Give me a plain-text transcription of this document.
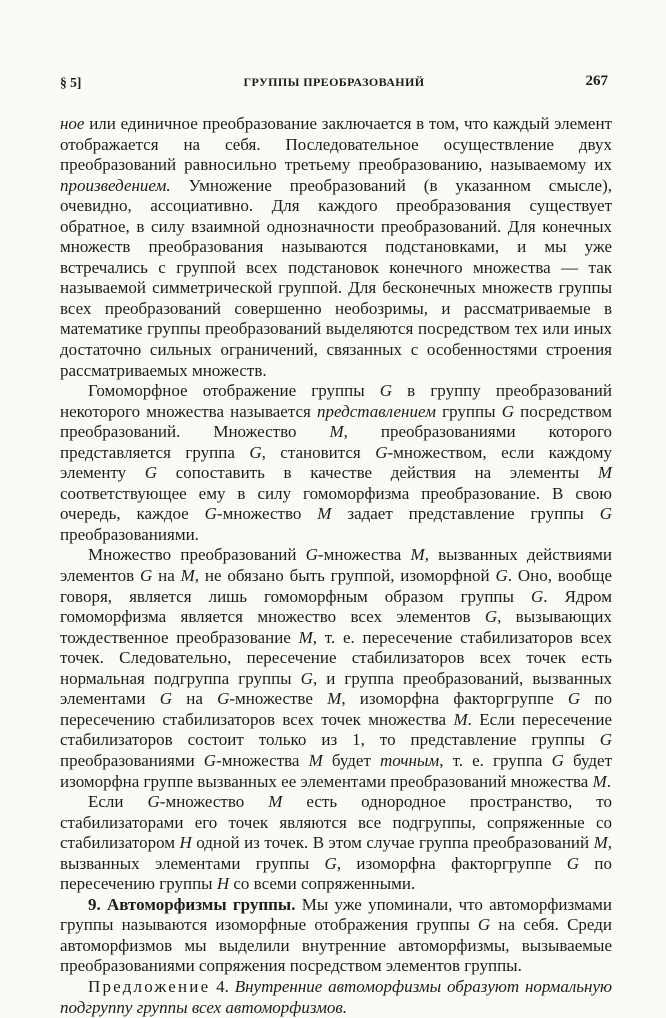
§ 5]	ГРУППЫ ПРЕОБРАЗОВАНИЙ	267

ное или единичное преобразование заключается в том, что каждый элемент отображается на себя. Последовательное осуществление двух преобразований равносильно третьему преобразованию, называемому их произведением. Умножение преобразований (в указанном смысле), очевидно, ассоциативно. Для каждого преобразования существует обратное, в силу взаимной однозначности преобразований. Для конечных множеств преобразования называются подстановками, и мы уже встречались с группой всех подстановок конечного множества — так называемой симметрической группой. Для бесконечных множеств группы всех преобразований совершенно необозримы, и рассматриваемые в математике группы преобразований выделяются посредством тех или иных достаточно сильных ограничений, связанных с особенностями строения рассматриваемых множеств.

Гомоморфное отображение группы G в группу преобразований некоторого множества называется представлением группы G посредством преобразований. Множество M, преобразованиями которого представляется группа G, становится G-множеством, если каждому элементу G сопоставить в качестве действия на элементы M соответствующее ему в силу гомоморфизма преобразование. В свою очередь, каждое G-множество M задает представление группы G преобразованиями.

Множество преобразований G-множества M, вызванных действиями элементов G на M, не обязано быть группой, изоморфной G. Оно, вообще говоря, является лишь гомоморфным образом группы G. Ядром гомоморфизма является множество всех элементов G, вызывающих тождественное преобразование M, т. е. пересечение стабилизаторов всех точек. Следовательно, пересечение стабилизаторов всех точек есть нормальная подгруппа группы G, и группа преобразований, вызванных элементами G на G-множестве M, изоморфна факторгруппе G по пересечению стабилизаторов всех точек множества M. Если пересечение стабилизаторов состоит только из 1, то представление группы G преобразованиями G-множества M будет точным, т. е. группа G будет изоморфна группе вызванных ее элементами преобразований множества M.

Если G-множество M есть однородное пространство, то стабилизаторами его точек являются все подгруппы, сопряженные со стабилизатором H одной из точек. В этом случае группа преобразований M, вызванных элементами группы G, изоморфна факторгруппе G по пересечению группы H со всеми сопряженными.

9. Автоморфизмы группы. Мы уже упоминали, что автоморфизмами группы называются изоморфные отображения группы G на себя. Среди автоморфизмов мы выделили внутренние автоморфизмы, вызываемые преобразованиями сопряжения посредством элементов группы.

Предложение 4. Внутренние автоморфизмы образуют нормальную подгруппу группы всех автоморфизмов.
